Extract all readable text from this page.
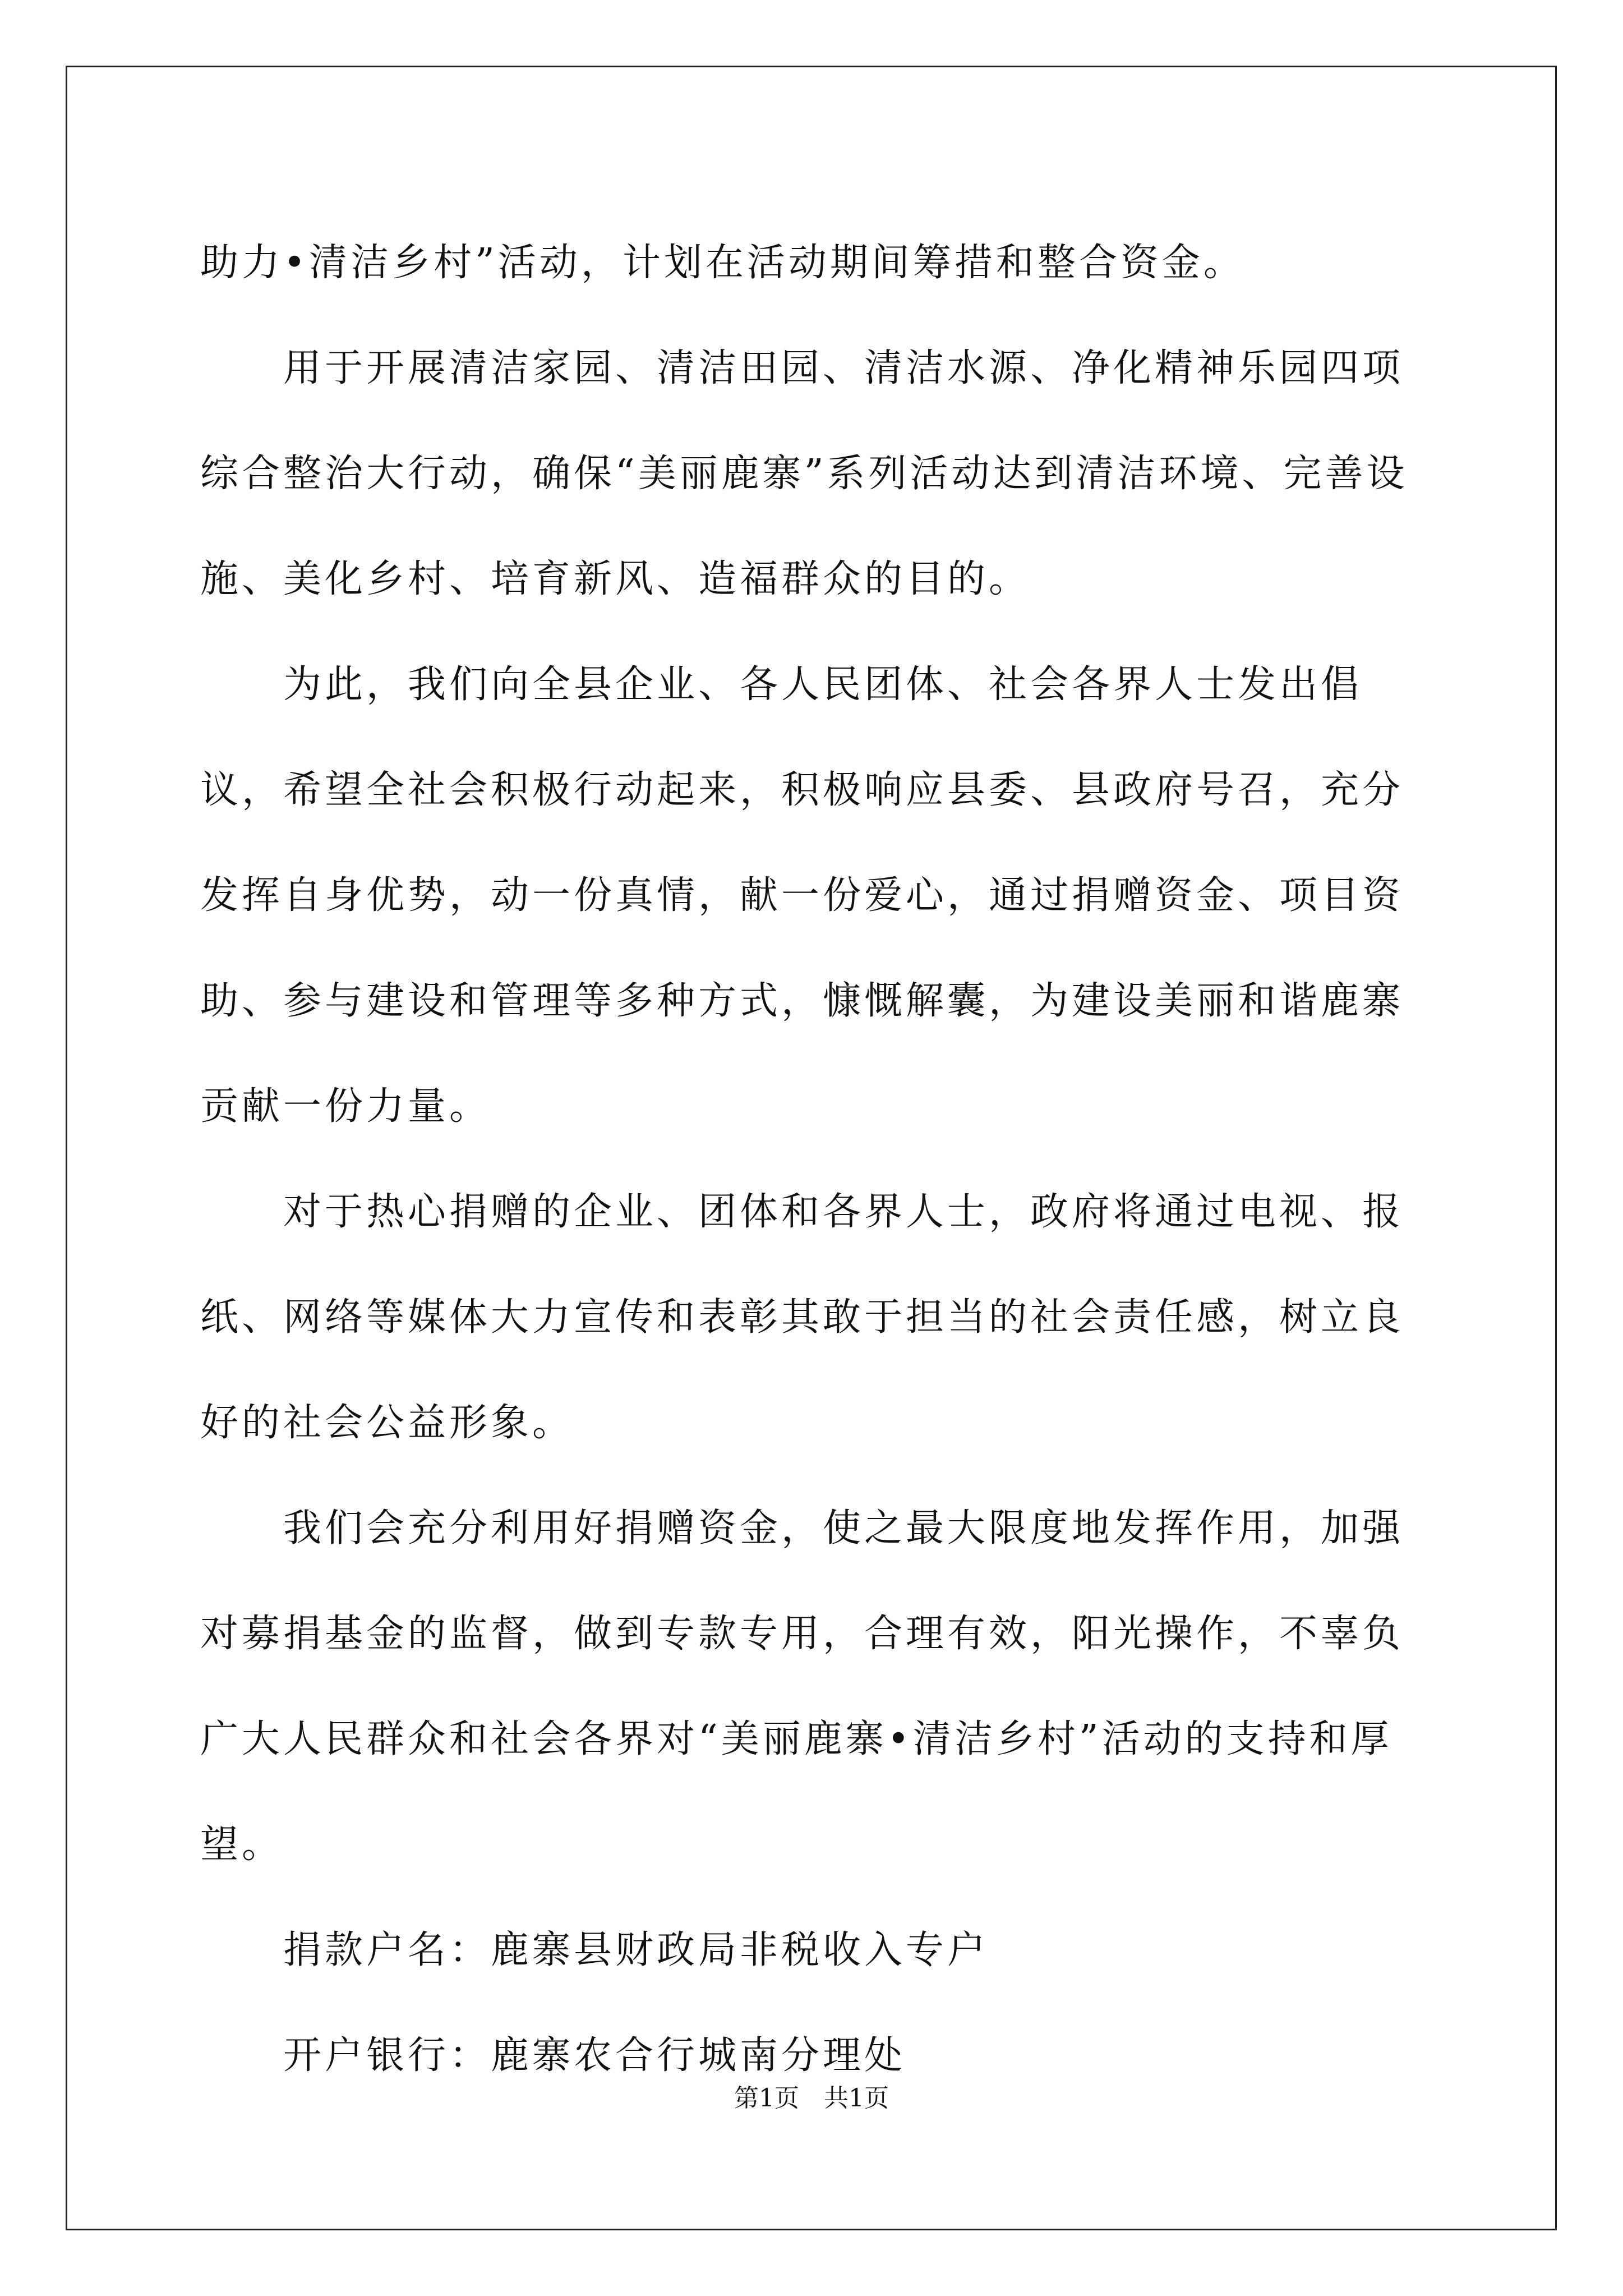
助力•清洁乡村”活动，计划在活动期间筹措和整合资金。

用于开展清洁家园、清洁田园、清洁水源、净化精神乐园四项综合整治大行动，确保“美丽鹿寨”系列活动达到清洁环境、完善设施、美化乡村、培育新风、造福群众的目的。

为此，我们向全县企业、各人民团体、社会各界人士发出倡议，希望全社会积极行动起来，积极响应县委、县政府号召，充分发挥自身优势，动一份真情，献一份爱心，通过捐赠资金、项目资助、参与建设和管理等多种方式，慷慨解囊，为建设美丽和谐鹿寨贡献一份力量。

对于热心捐赠的企业、团体和各界人士，政府将通过电视、报纸、网络等媒体大力宣传和表彰其敢于担当的社会责任感，树立良好的社会公益形象。

我们会充分利用好捐赠资金，使之最大限度地发挥作用，加强对募捐基金的监督，做到专款专用，合理有效，阳光操作，不辜负广大人民群众和社会各界对“美丽鹿寨•清洁乡村”活动的支持和厚望。

捐款户名：鹿寨县财政局非税收入专户

开户银行：鹿寨农合行城南分理处

第1页 共1页
